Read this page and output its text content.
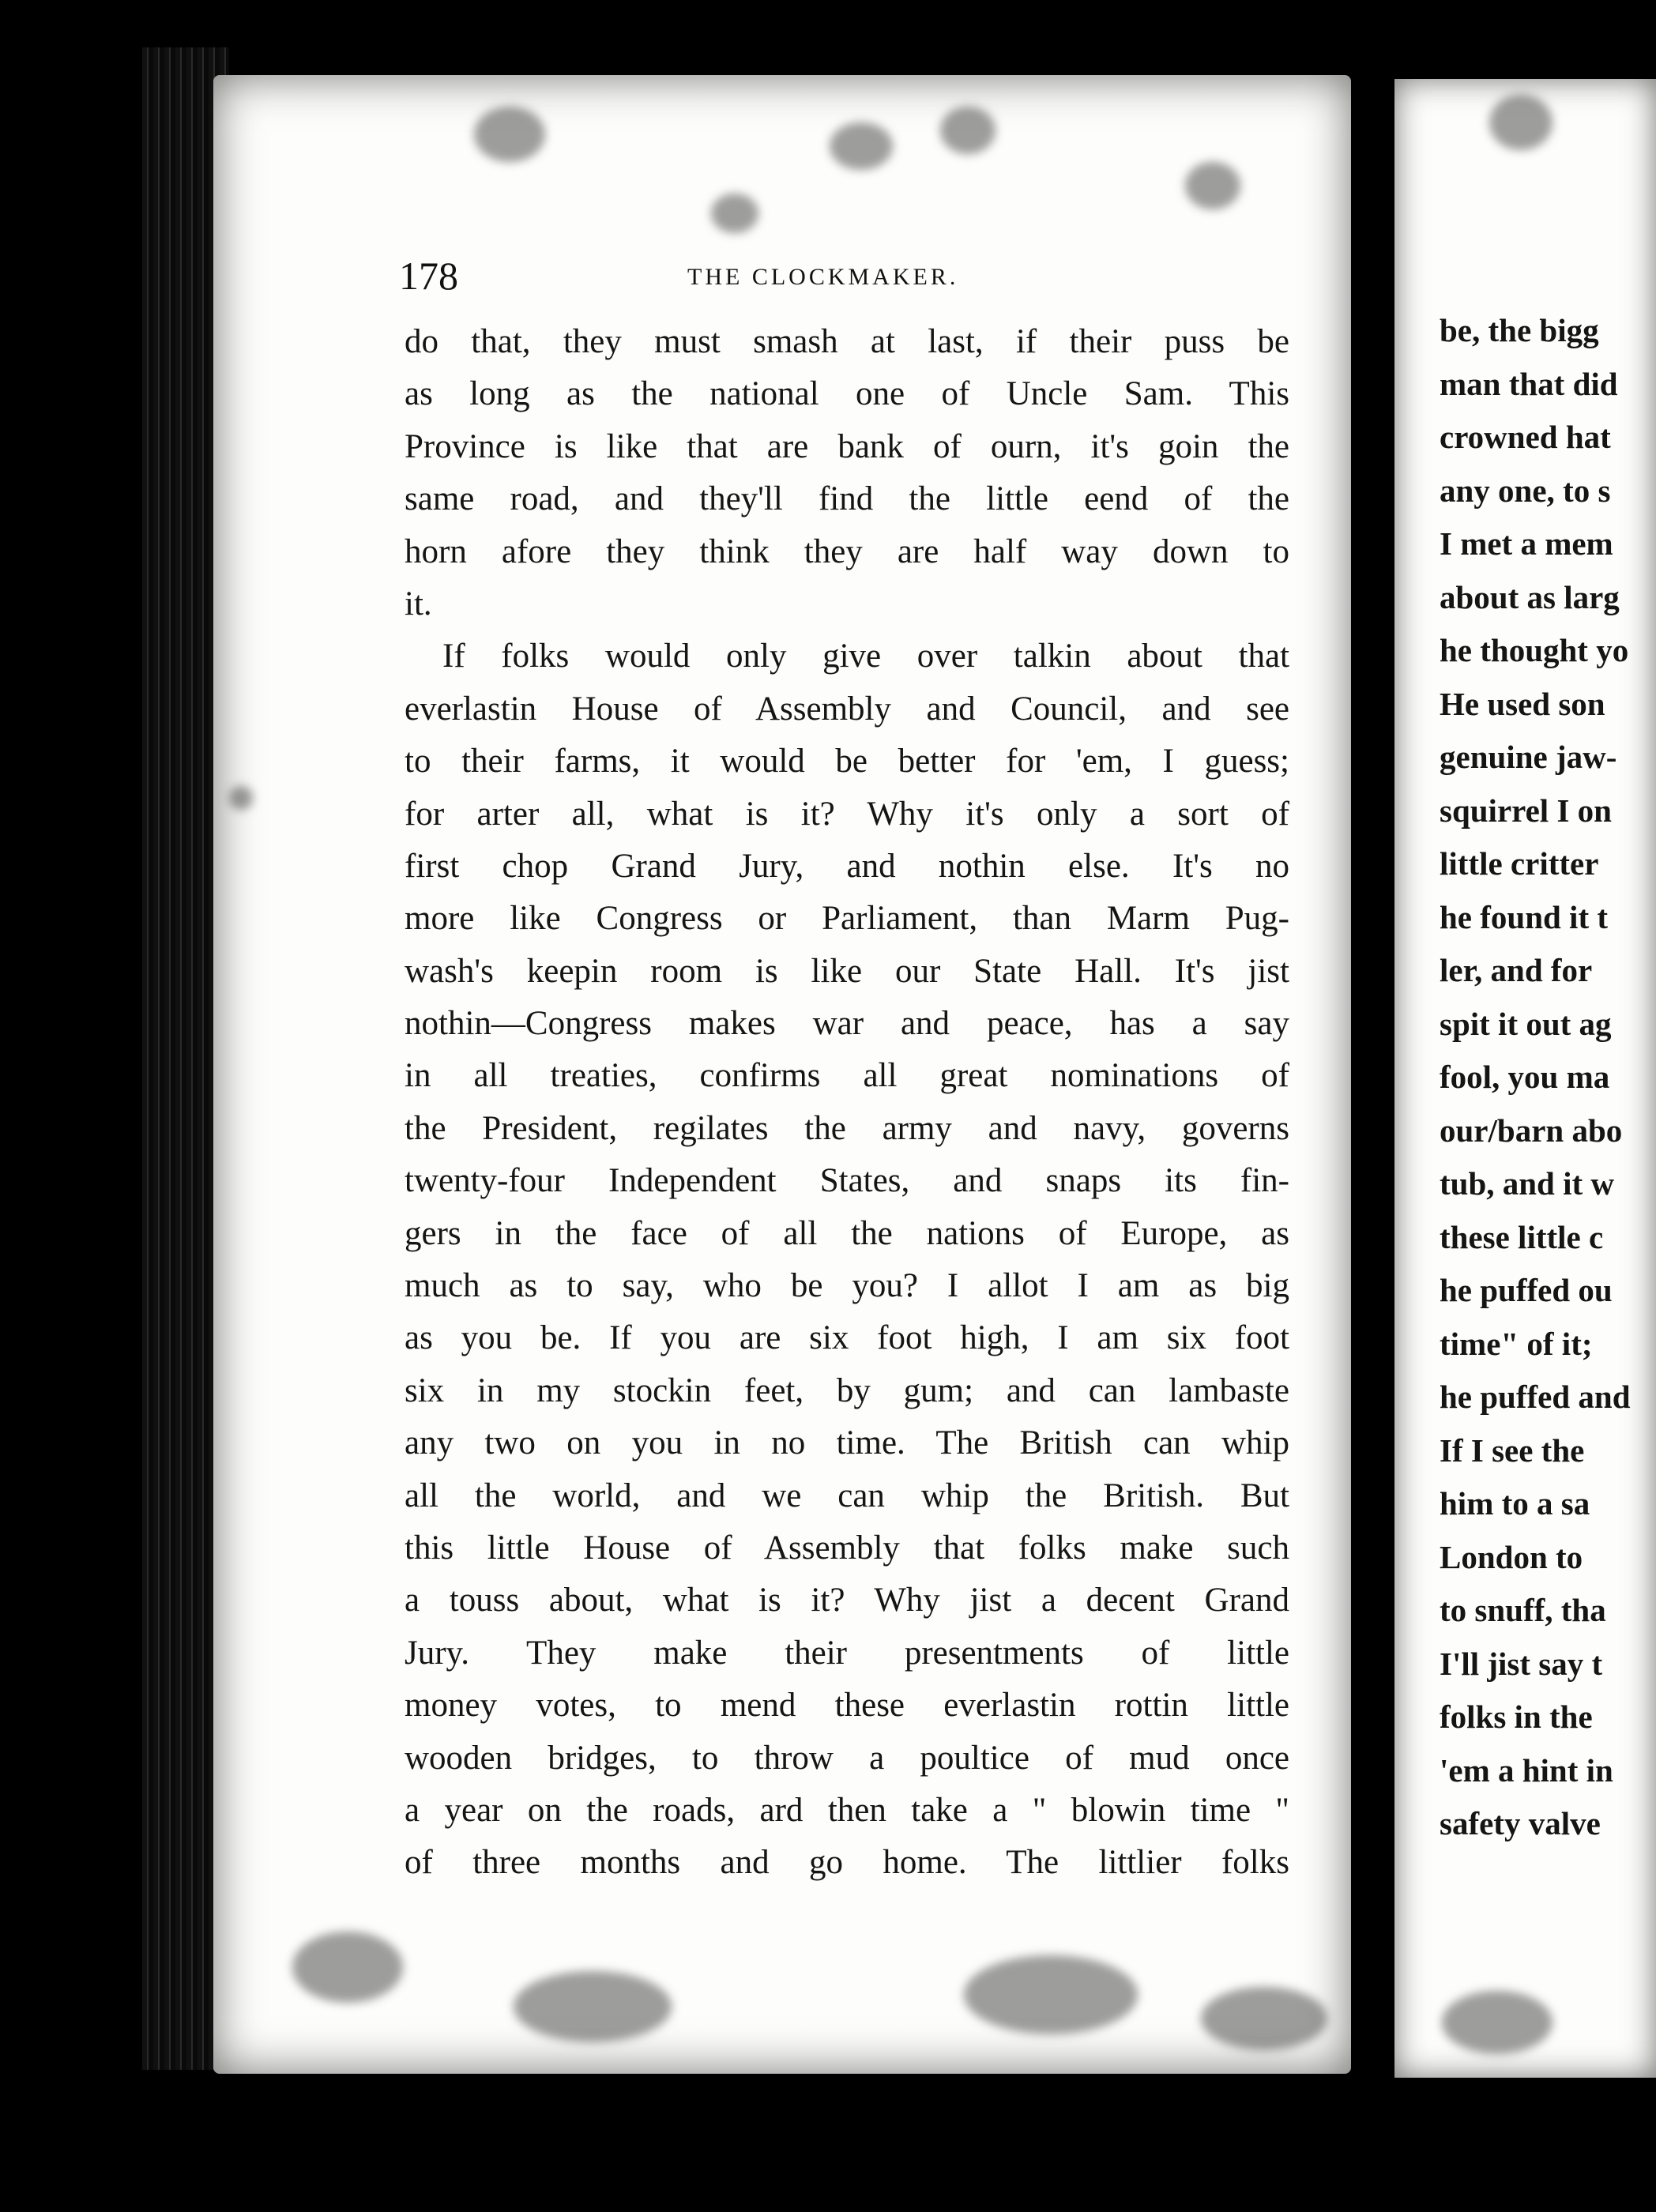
178	THE CLOCKMAKER.
do that, they must smash at last, if their puss be
as long as the national one of Uncle Sam. This
Province is like that are bank of ourn, it's goin the
same road, and they'll find the little eend of the
horn afore they think they are half way down to
it.
If folks would only give over talkin about that
everlastin House of Assembly and Council, and see
to their farms, it would be better for 'em, I guess;
for arter all, what is it? Why it's only a sort of
first chop Grand Jury, and nothin else. It's no
more like Congress or Parliament, than Marm Pug-
wash's keepin room is like our State Hall. It's jist
nothin—Congress makes war and peace, has a say
in all treaties, confirms all great nominations of
the President, regilates the army and navy, governs
twenty-four Independent States, and snaps its fin-
gers in the face of all the nations of Europe, as
much as to say, who be you? I allot I am as big
as you be. If you are six foot high, I am six foot
six in my stockin feet, by gum; and can lambaste
any two on you in no time. The British can whip
all the world, and we can whip the British. But
this little House of Assembly that folks make such
a touss about, what is it? Why jist a decent Grand
Jury. They make their presentments of little
money votes, to mend these everlastin rottin little
wooden bridges, to throw a poultice of mud once
a year on the roads, ard then take a " blowin time "
of three months and go home. The littlier folks
be, the bigg
man that did
crowned hat
any one, to s
I met a mem
about as larg
he thought yo
He used son
genuine jaw-
squirrel I on
little critter
he found it t
ler, and for
spit it out ag
fool, you ma
our/barn abo
tub, and it w
these little c
he puffed ou
time" of it;
he puffed and
If I see the
him to a sa
London to
to snuff, tha
I'll jist say t
folks in the
'em a hint in
safety valve
